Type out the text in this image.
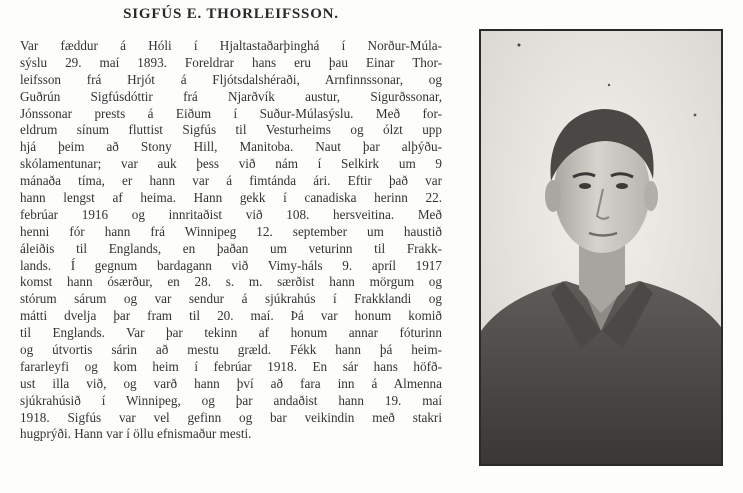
SIGFÚS E. THORLEIFSSON.
Var fæddur á Hóli í Hjaltastaðarþinghá í Norður-Múla-
sýslu 29. maí 1893. Foreldrar hans eru þau Einar Thor-
leifsson frá Hrjót á Fljótsdalshéraði, Arnfinnssonar, og
Guðrún Sigfúsdóttir frá Njarðvík austur, Sigurðssonar,
Jónssonar prests á Eiðum í Suður-Múlasýslu. Með for-
eldrum sínum fluttist Sigfús til Vesturheims og ólzt upp
hjá þeim að Stony Hill, Manitoba. Naut þar alþýðu-
skólamentunar; var auk þess við nám í Selkirk um 9
mánaða tíma, er hann var á fimtánda ári. Eftir það var
hann lengst af heima. Hann gekk í canadiska herinn 22.
febrúar 1916 og innritaðist við 108. hersveitina. Með
henni fór hann frá Winnipeg 12. september um haustið
áleiðis til Englands, en þaðan um veturinn til Frakk-
lands. Í gegnum bardagann við Vimy-háls 9. apríl 1917
komst hann ósærður, en 28. s. m. særðist hann mörgum og
stórum sárum og var sendur á sjúkrahús í Frakklandi og
mátti dvelja þar fram til 20. maí. Þá var honum komið
til Englands. Var þar tekinn af honum annar fóturinn
og útvortis sárin að mestu græld. Fékk hann þá heim-
fararleyfi og kom heim í febrúar 1918. En sár hans höfð-
ust illa við, og varð hann því að fara inn á Almenna
sjúkrahúsið í Winnipeg, og þar andaðist hann 19. maí
1918. Sigfús var vel gefinn og bar veikindin með stakri
hugprýði. Hann var í öllu efnismaður mesti.
